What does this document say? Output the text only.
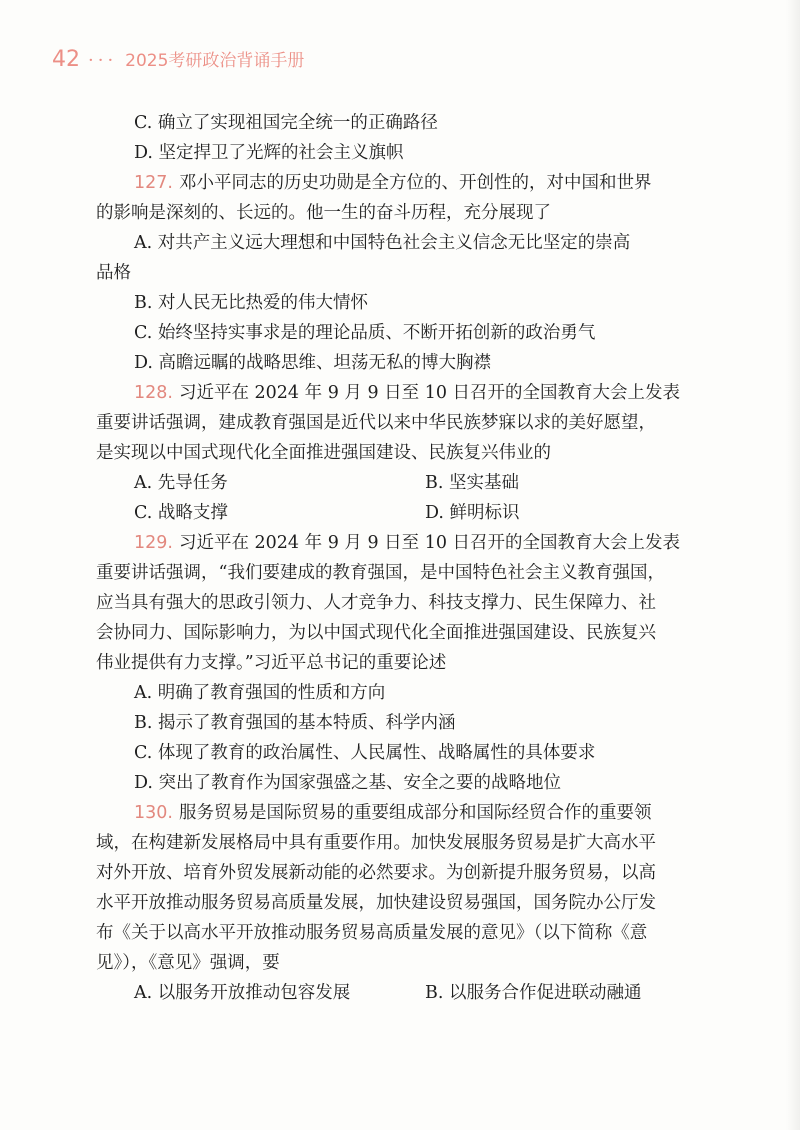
42 ··· 2025考研政治背诵手册
C. 确立了实现祖国完全统一的正确路径
D. 坚定捍卫了光辉的社会主义旗帜
127. 邓小平同志的历史功勋是全方位的、开创性的，对中国和世界
的影响是深刻的、长远的。他一生的奋斗历程，充分展现了
A. 对共产主义远大理想和中国特色社会主义信念无比坚定的崇高
品格
B. 对人民无比热爱的伟大情怀
C. 始终坚持实事求是的理论品质、不断开拓创新的政治勇气
D. 高瞻远瞩的战略思维、坦荡无私的博大胸襟
128. 习近平在 2024 年 9 月 9 日至 10 日召开的全国教育大会上发表
重要讲话强调，建成教育强国是近代以来中华民族梦寐以求的美好愿望，
是实现以中国式现代化全面推进强国建设、民族复兴伟业的
A. 先导任务	B. 坚实基础
C. 战略支撑	D. 鲜明标识
129. 习近平在 2024 年 9 月 9 日至 10 日召开的全国教育大会上发表
重要讲话强调，“我们要建成的教育强国，是中国特色社会主义教育强国，
应当具有强大的思政引领力、人才竞争力、科技支撑力、民生保障力、社
会协同力、国际影响力，为以中国式现代化全面推进强国建设、民族复兴
伟业提供有力支撑。”习近平总书记的重要论述
A. 明确了教育强国的性质和方向
B. 揭示了教育强国的基本特质、科学内涵
C. 体现了教育的政治属性、人民属性、战略属性的具体要求
D. 突出了教育作为国家强盛之基、安全之要的战略地位
130. 服务贸易是国际贸易的重要组成部分和国际经贸合作的重要领
域，在构建新发展格局中具有重要作用。加快发展服务贸易是扩大高水平
对外开放、培育外贸发展新动能的必然要求。为创新提升服务贸易，以高
水平开放推动服务贸易高质量发展，加快建设贸易强国，国务院办公厅发
布《关于以高水平开放推动服务贸易高质量发展的意见》（以下简称《意
见》），《意见》强调，要
A. 以服务开放推动包容发展	B. 以服务合作促进联动融通
